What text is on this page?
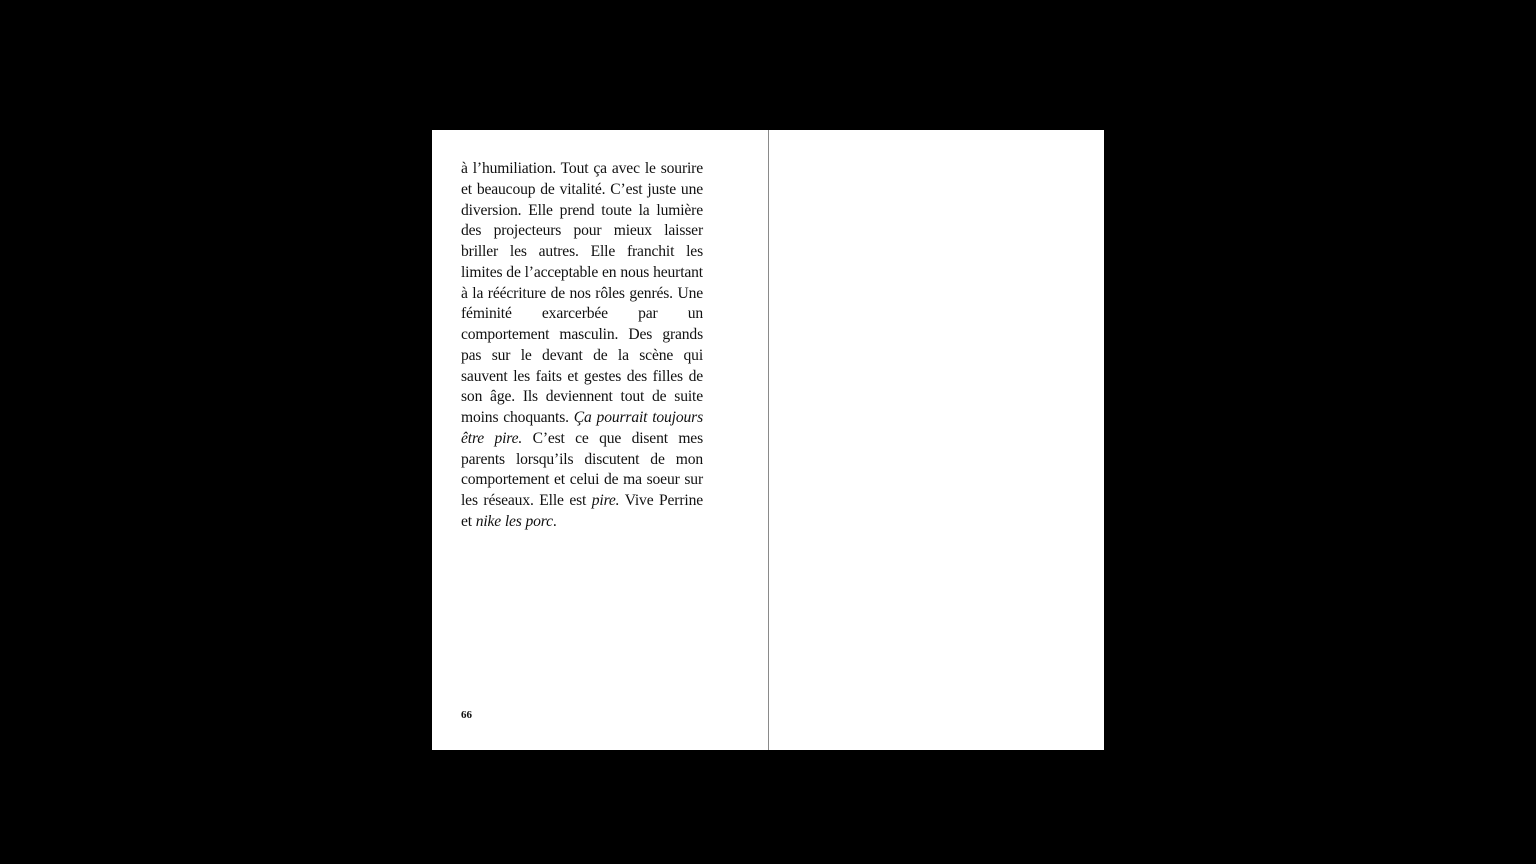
à l’humiliation. Tout ça avec le sourire et beaucoup de vitalité. C’est juste une diversion. Elle prend toute la lumière des projecteurs pour mieux laisser briller les autres. Elle franchit les limites de l’acceptable en nous heurtant à la réécriture de nos rôles genrés. Une féminité exarcerbée par un comportement masculin. Des grands pas sur le devant de la scène qui sauvent les faits et gestes des filles de son âge. Ils deviennent tout de suite moins choquants. Ça pourrait toujours être pire. C’est ce que disent mes parents lorsqu’ils discutent de mon comportement et celui de ma soeur sur les réseaux. Elle est pire. Vive Perrine et nike les porc.

66
